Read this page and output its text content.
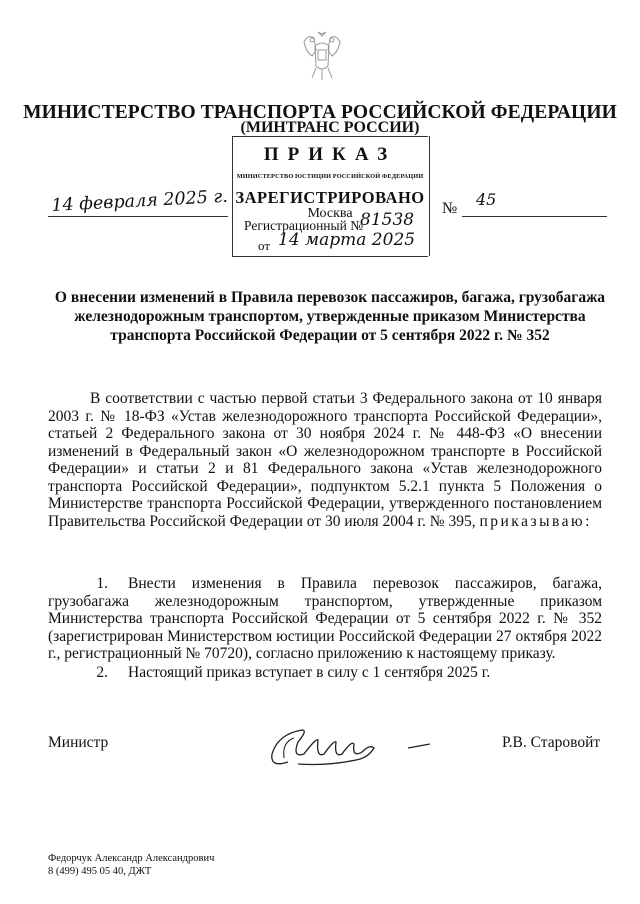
МИНИСТЕРСТВО ТРАНСПОРТА РОССИЙСКОЙ ФЕДЕРАЦИИ
(МИНТРАНС РОССИИ)
ПРИКАЗ
МИНИСТЕРСТВО ЮСТИЦИИ РОССИЙСКОЙ ФЕДЕРАЦИИ
ЗАРЕГИСТРИРОВАНО
Москва
Регистрационный №
81538
от 14 марта 2025
14 февраля 2025 г.	№ 45
О внесении изменений в Правила перевозок пассажиров, багажа, грузобагажа железнодорожным транспортом, утвержденные приказом Министерства транспорта Российской Федерации от 5 сентября 2022 г. № 352
В соответствии с частью первой статьи 3 Федерального закона от 10 января 2003 г. № 18-ФЗ «Устав железнодорожного транспорта Российской Федерации», статьей 2 Федерального закона от 30 ноября 2024 г. № 448-ФЗ «О внесении изменений в Федеральный закон «О железнодорожном транспорте в Российской Федерации» и статьи 2 и 81 Федерального закона «Устав железнодорожного транспорта Российской Федерации», подпунктом 5.2.1 пункта 5 Положения о Министерстве транспорта Российской Федерации, утвержденного постановлением Правительства Российской Федерации от 30 июля 2004 г. № 395, приказываю:
1. Внести изменения в Правила перевозок пассажиров, багажа, грузобагажа железнодорожным транспортом, утвержденные приказом Министерства транспорта Российской Федерации от 5 сентября 2022 г. № 352 (зарегистрирован Министерством юстиции Российской Федерации 27 октября 2022 г., регистрационный № 70720), согласно приложению к настоящему приказу.
2. Настоящий приказ вступает в силу с 1 сентября 2025 г.
Министр	Р.В. Старовойт
Федорчук Александр Александрович
8 (499) 495 05 40, ДЖТ
